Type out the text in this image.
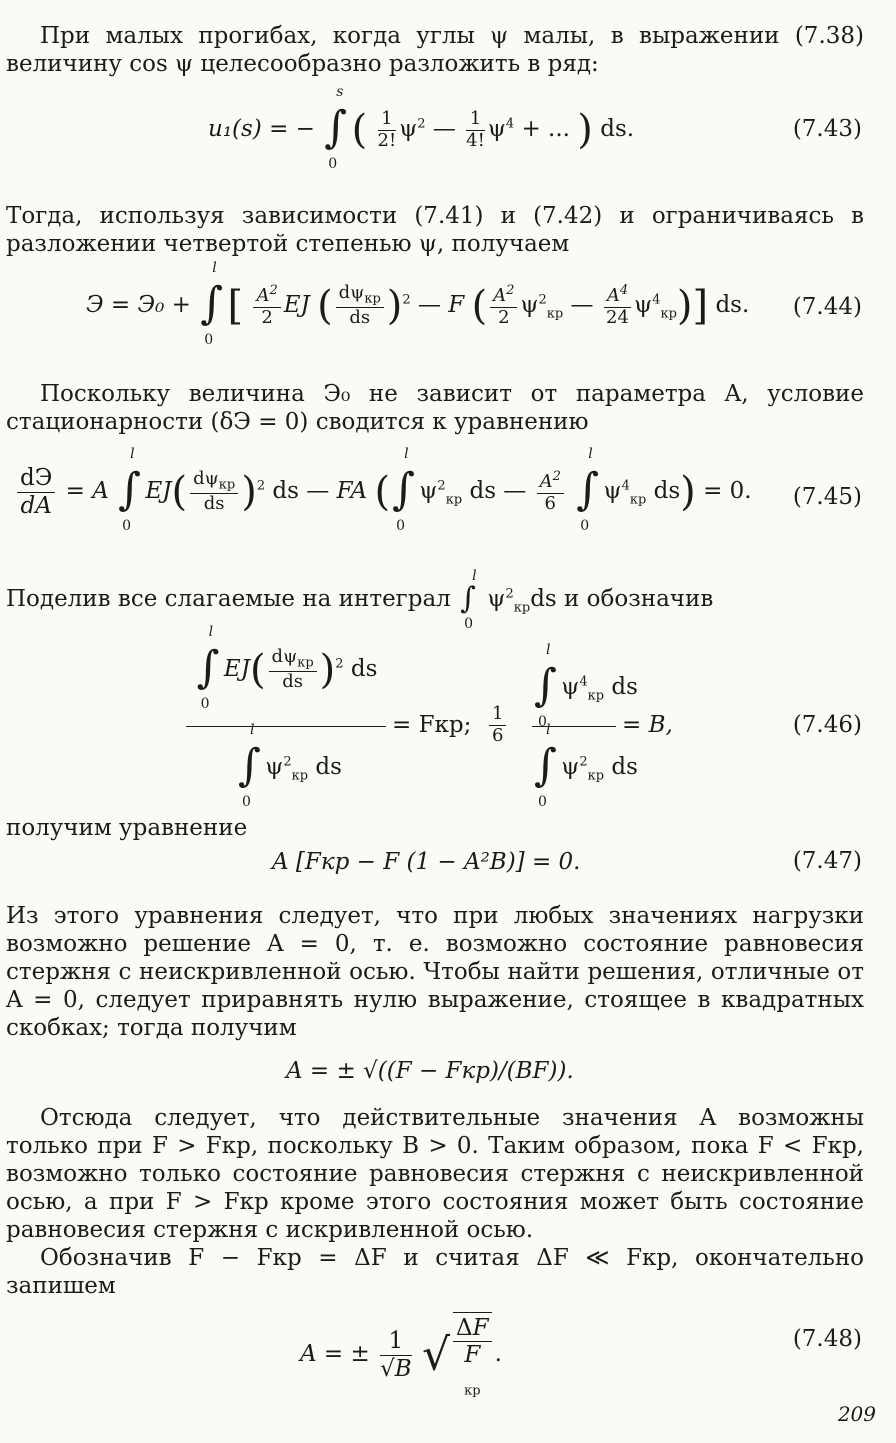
При малых прогибах, когда углы ψ малы, в выражении (7.38) величину cos ψ целесообразно разложить в ряд:
u₁(s) = −
s
∫
0
( $\frac{1}{2!} \psi^2$ — $\frac{1}{4!} \psi^4$ + ... ) ds.	(7.43)
Тогда, используя зависимости (7.41) и (7.42) и ограничиваясь в разложении четвертой степенью ψ, получаем
Э = Э₀ +
l
∫
0
[ $\frac{A^2}{2}$ EJ ( $\frac{d\psi_{кр}}{ds} )^2$ — F ( $\frac{A^2}{2} \psi^2_{кр}$ — $\frac{A^4}{24} \psi^4_{кр}$)] ds. (7.44)
Поскольку величина Э₀ не зависит от параметра A, условие стационарности (δЭ = 0) сводится к уравнению
$\frac{dЭ}{dA} = A$
l
∫
0
$EJ( \frac{d\psi_{кр}}{ds} )^2$ ds — FA (
l
∫
0
$\psi^2_{кр}$ ds — $\frac{A^2}{6}$

l
∫
0
$\psi^4_{кр}$ ds) = 0. (7.45)
Поделив все слагаемые на интеграл
l
∫
0
$\psi^2_{кр}ds$ и обозначив
l
∫
0
$EJ( \frac{d\psi_{кр}}{ds} )^2$ ds
l
∫
0
$\psi^2_{кр}$ ds
= Fкр; $\frac{1}{6}$
l
∫
0
$\psi^4_{кр}$ ds
l
∫
0
$\psi^2_{кр}$ ds
= B,	(7.46)
получим уравнение
A [Fкр − F (1 − A²B)] = 0.	(7.47)
Из этого уравнения следует, что при любых значениях нагрузки возможно решение A = 0, т. е. возможно состояние равновесия стержня с неискривленной осью. Чтобы найти решения, отличные от A = 0, следует приравнять нулю выражение, стоящее в квадратных скобках; тогда получим
A = ± √((F − Fкр)/(BF)).
Отсюда следует, что действительные значения A возможны только при F > Fкр, поскольку B > 0. Таким образом, пока F < Fкр, возможно только состояние равновесия стержня с неискривленной осью, а при F > Fкр кроме этого состояния может быть состояние равновесия стержня с искривленной осью.
Обозначив F − Fкр = ΔF и считая ΔF ≪ Fкр, окончательно запишем
A = ± $\frac{1}{√B}$ √
ΔF
F
$_{кр}$.
(7.48)
209
